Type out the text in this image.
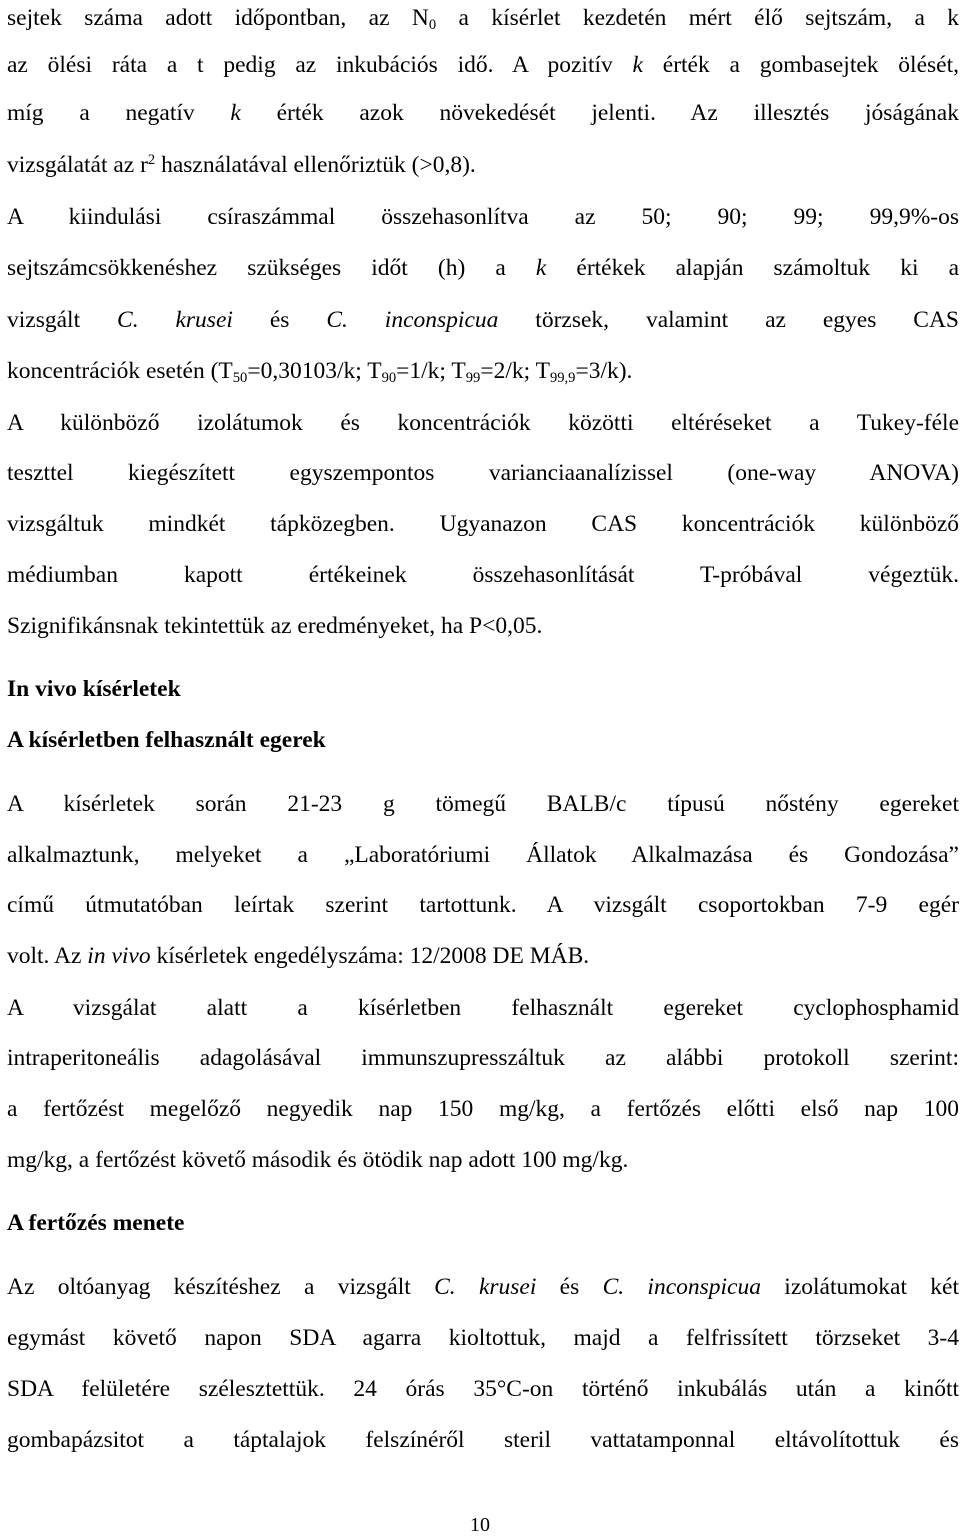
sejtek száma adott időpontban, az $N_0$ a kísérlet kezdetén mért élő sejtszám, a k
az ölési ráta a t pedig az inkubációs idő. A pozitív k érték a gombasejtek ölését,
míg a negatív k érték azok növekedését jelenti. Az illesztés jóságának
vizsgálatát az $r^2$ használatával ellenőriztük (>0,8).
A kiindulási csíraszámmal összehasonlítva az 50; 90; 99; 99,9%-os
sejtszámcsökkenéshez szükséges időt (h) a k értékek alapján számoltuk ki a
vizsgált C. krusei és C. inconspicua törzsek, valamint az egyes CAS
koncentrációk esetén ($T_{50}=0,30103/k$; $T_{90}=1/k$; $T_{99}=2/k$; $T_{99,9}=3/k$).
A különböző izolátumok és koncentrációk közötti eltéréseket a Tukey-féle
teszttel kiegészített egyszempontos varianciaanalízissel (one-way ANOVA)
vizsgáltuk mindkét tápközegben. Ugyanazon CAS koncentrációk különböző
médiumban kapott értékeinek összehasonlítását T-próbával végeztük.
Szignifikánsnak tekintettük az eredményeket, ha P<0,05.
In vivo kísérletek
A kísérletben felhasznált egerek
A kísérletek során 21-23 g tömegű BALB/c típusú nőstény egereket
alkalmaztunk, melyeket a „Laboratóriumi Állatok Alkalmazása és Gondozása”
című útmutatóban leírtak szerint tartottunk. A vizsgált csoportokban 7-9 egér
volt. Az in vivo kísérletek engedélyszáma: 12/2008 DE MÁB.
A vizsgálat alatt a kísérletben felhasznált egereket cyclophosphamid
intraperitoneális adagolásával immunszupresszáltuk az alábbi protokoll szerint:
a fertőzést megelőző negyedik nap 150 mg/kg, a fertőzés előtti első nap 100
mg/kg, a fertőzést követő második és ötödik nap adott 100 mg/kg.
A fertőzés menete
Az oltóanyag készítéshez a vizsgált C. krusei és C. inconspicua izolátumokat két
egymást követő napon SDA agarra kioltottuk, majd a felfrissített törzseket 3-4
SDA felületére szélesztettük. 24 órás 35°C-on történő inkubálás után a kinőtt
gombapázsitot a táptalajok felszínéről steril vattatamponnal eltávolítottuk és
10
